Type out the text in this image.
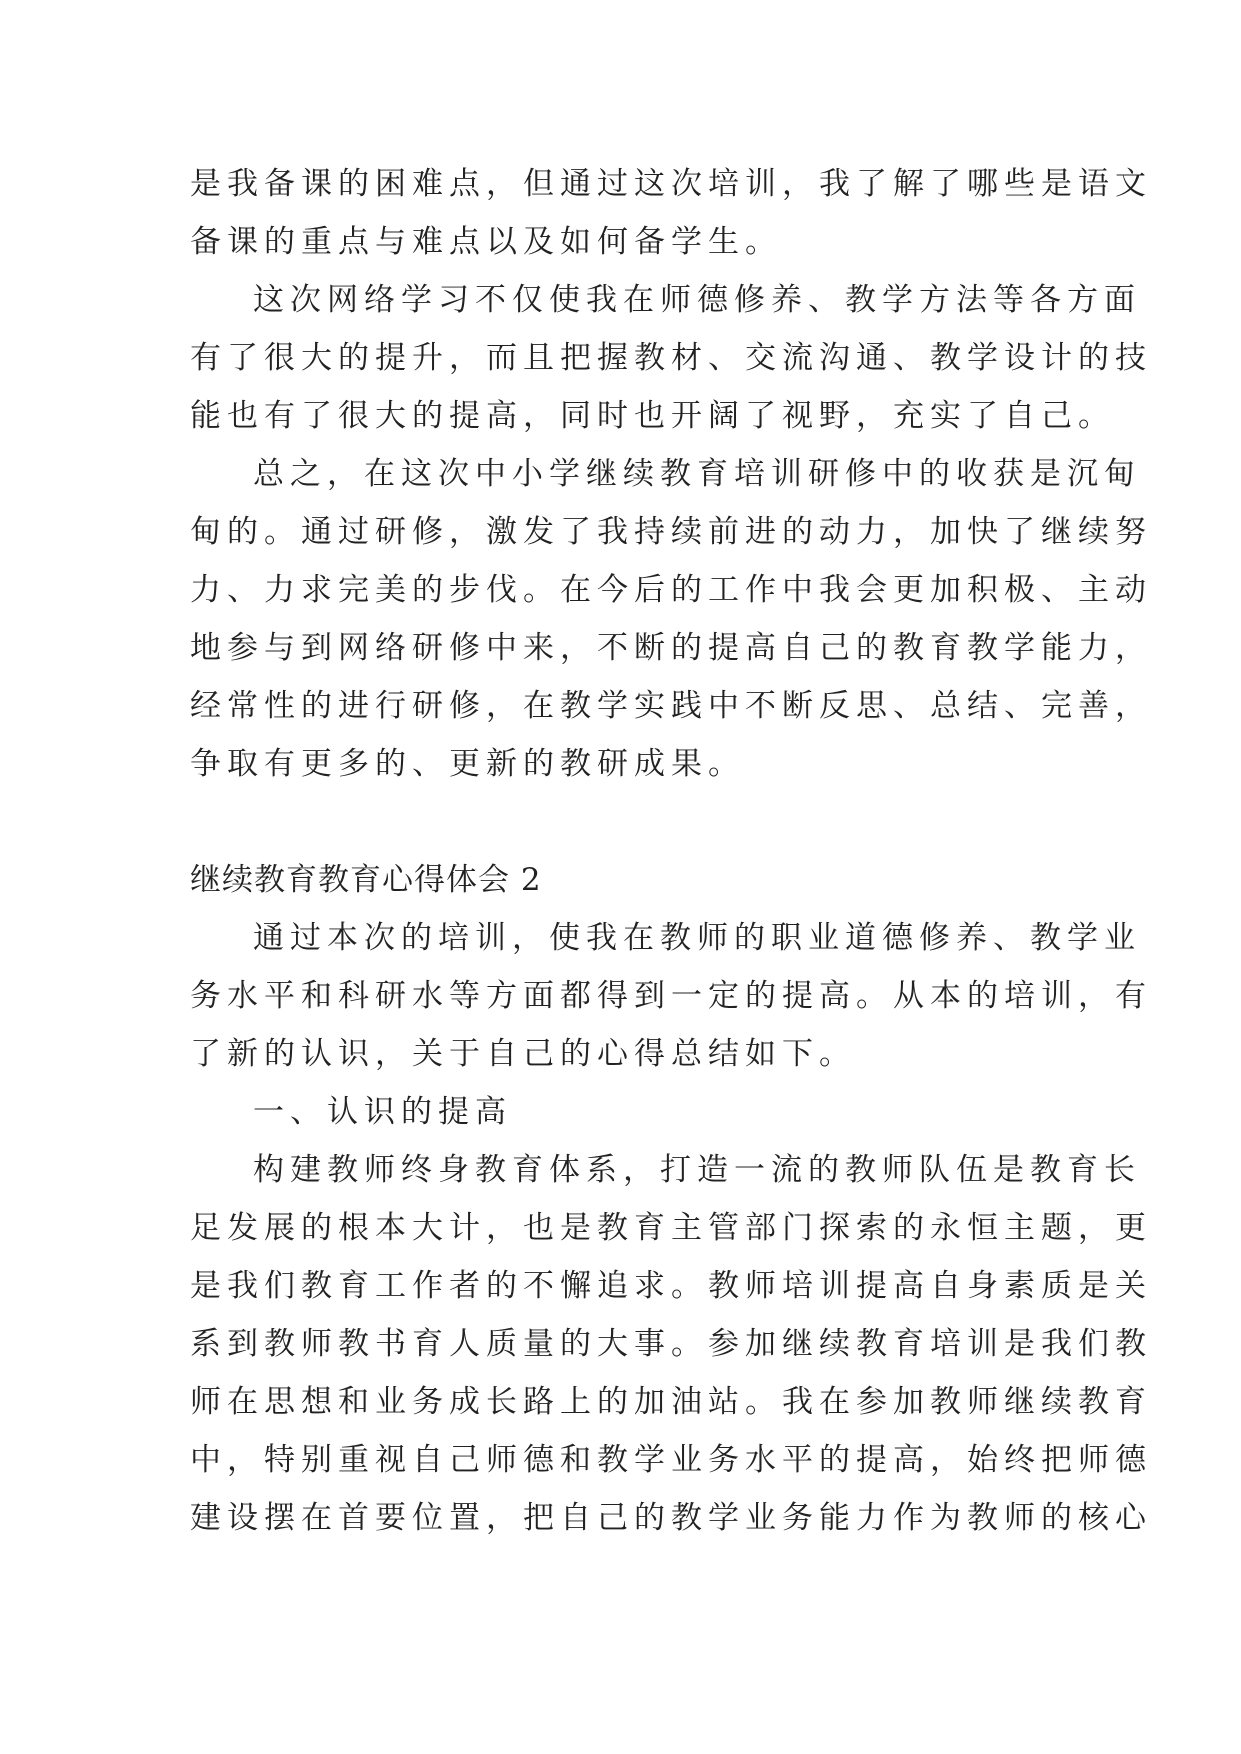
是我备课的困难点，但通过这次培训，我了解了哪些是语文
备课的重点与难点以及如何备学生。
这次网络学习不仅使我在师德修养、教学方法等各方面
有了很大的提升，而且把握教材、交流沟通、教学设计的技
能也有了很大的提高，同时也开阔了视野，充实了自己。
总之，在这次中小学继续教育培训研修中的收获是沉甸
甸的。通过研修，激发了我持续前进的动力，加快了继续努
力、力求完美的步伐。在今后的工作中我会更加积极、主动
地参与到网络研修中来，不断的提高自己的教育教学能力，
经常性的进行研修，在教学实践中不断反思、总结、完善，
争取有更多的、更新的教研成果。
继续教育教育心得体会 2
通过本次的培训，使我在教师的职业道德修养、教学业
务水平和科研水等方面都得到一定的提高。从本的培训，有
了新的认识，关于自己的心得总结如下。
一、认识的提高
构建教师终身教育体系，打造一流的教师队伍是教育长
足发展的根本大计，也是教育主管部门探索的永恒主题，更
是我们教育工作者的不懈追求。教师培训提高自身素质是关
系到教师教书育人质量的大事。参加继续教育培训是我们教
师在思想和业务成长路上的加油站。我在参加教师继续教育
中，特别重视自己师德和教学业务水平的提高，始终把师德
建设摆在首要位置，把自己的教学业务能力作为教师的核心
